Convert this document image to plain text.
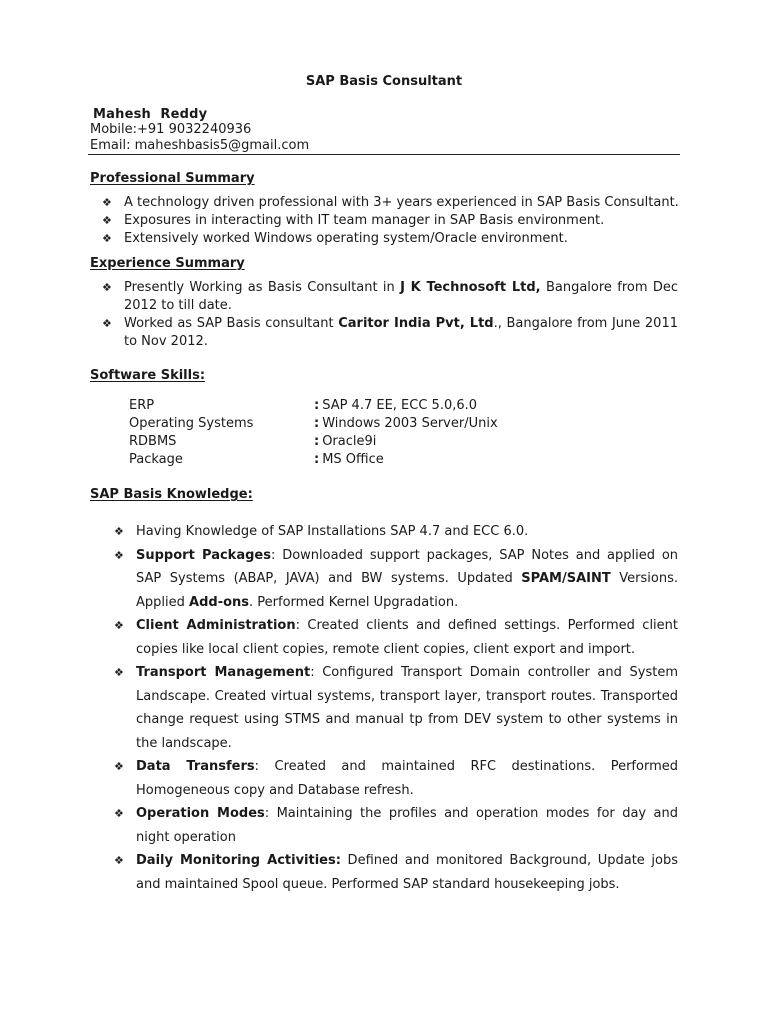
SAP Basis Consultant
Mahesh  Reddy
Mobile:+91 9032240936
Email: maheshbasis5@gmail.com
Professional Summary
❖ A technology driven professional with 3+ years experienced in SAP Basis Consultant.
❖ Exposures in interacting with IT team manager in SAP Basis environment.
❖ Extensively worked Windows operating system/Oracle environment.
Experience Summary
❖ Presently Working as Basis Consultant in J K Technosoft Ltd, Bangalore from Dec 2012 to till date.
❖ Worked as SAP Basis consultant Caritor India Pvt, Ltd., Bangalore from June 2011 to Nov 2012.
Software Skills:
ERP	: SAP 4.7 EE, ECC 5.0,6.0
Operating Systems	: Windows 2003 Server/Unix
RDBMS	: Oracle9i
Package	: MS Office
SAP Basis Knowledge:
❖ Having Knowledge of SAP Installations SAP 4.7 and ECC 6.0.
❖ Support Packages: Downloaded support packages, SAP Notes and applied on SAP Systems (ABAP, JAVA) and BW systems. Updated SPAM/SAINT Versions. Applied Add-ons. Performed Kernel Upgradation.
❖ Client Administration: Created clients and defined settings. Performed client copies like local client copies, remote client copies, client export and import.
❖ Transport Management: Configured Transport Domain controller and System Landscape. Created virtual systems, transport layer, transport routes. Transported change request using STMS and manual tp from DEV system to other systems in the landscape.
❖ Data Transfers: Created and maintained RFC destinations. Performed Homogeneous copy and Database refresh.
❖ Operation Modes: Maintaining the profiles and operation modes for day and night operation
❖ Daily Monitoring Activities: Defined and monitored Background, Update jobs and maintained Spool queue. Performed SAP standard housekeeping jobs.
